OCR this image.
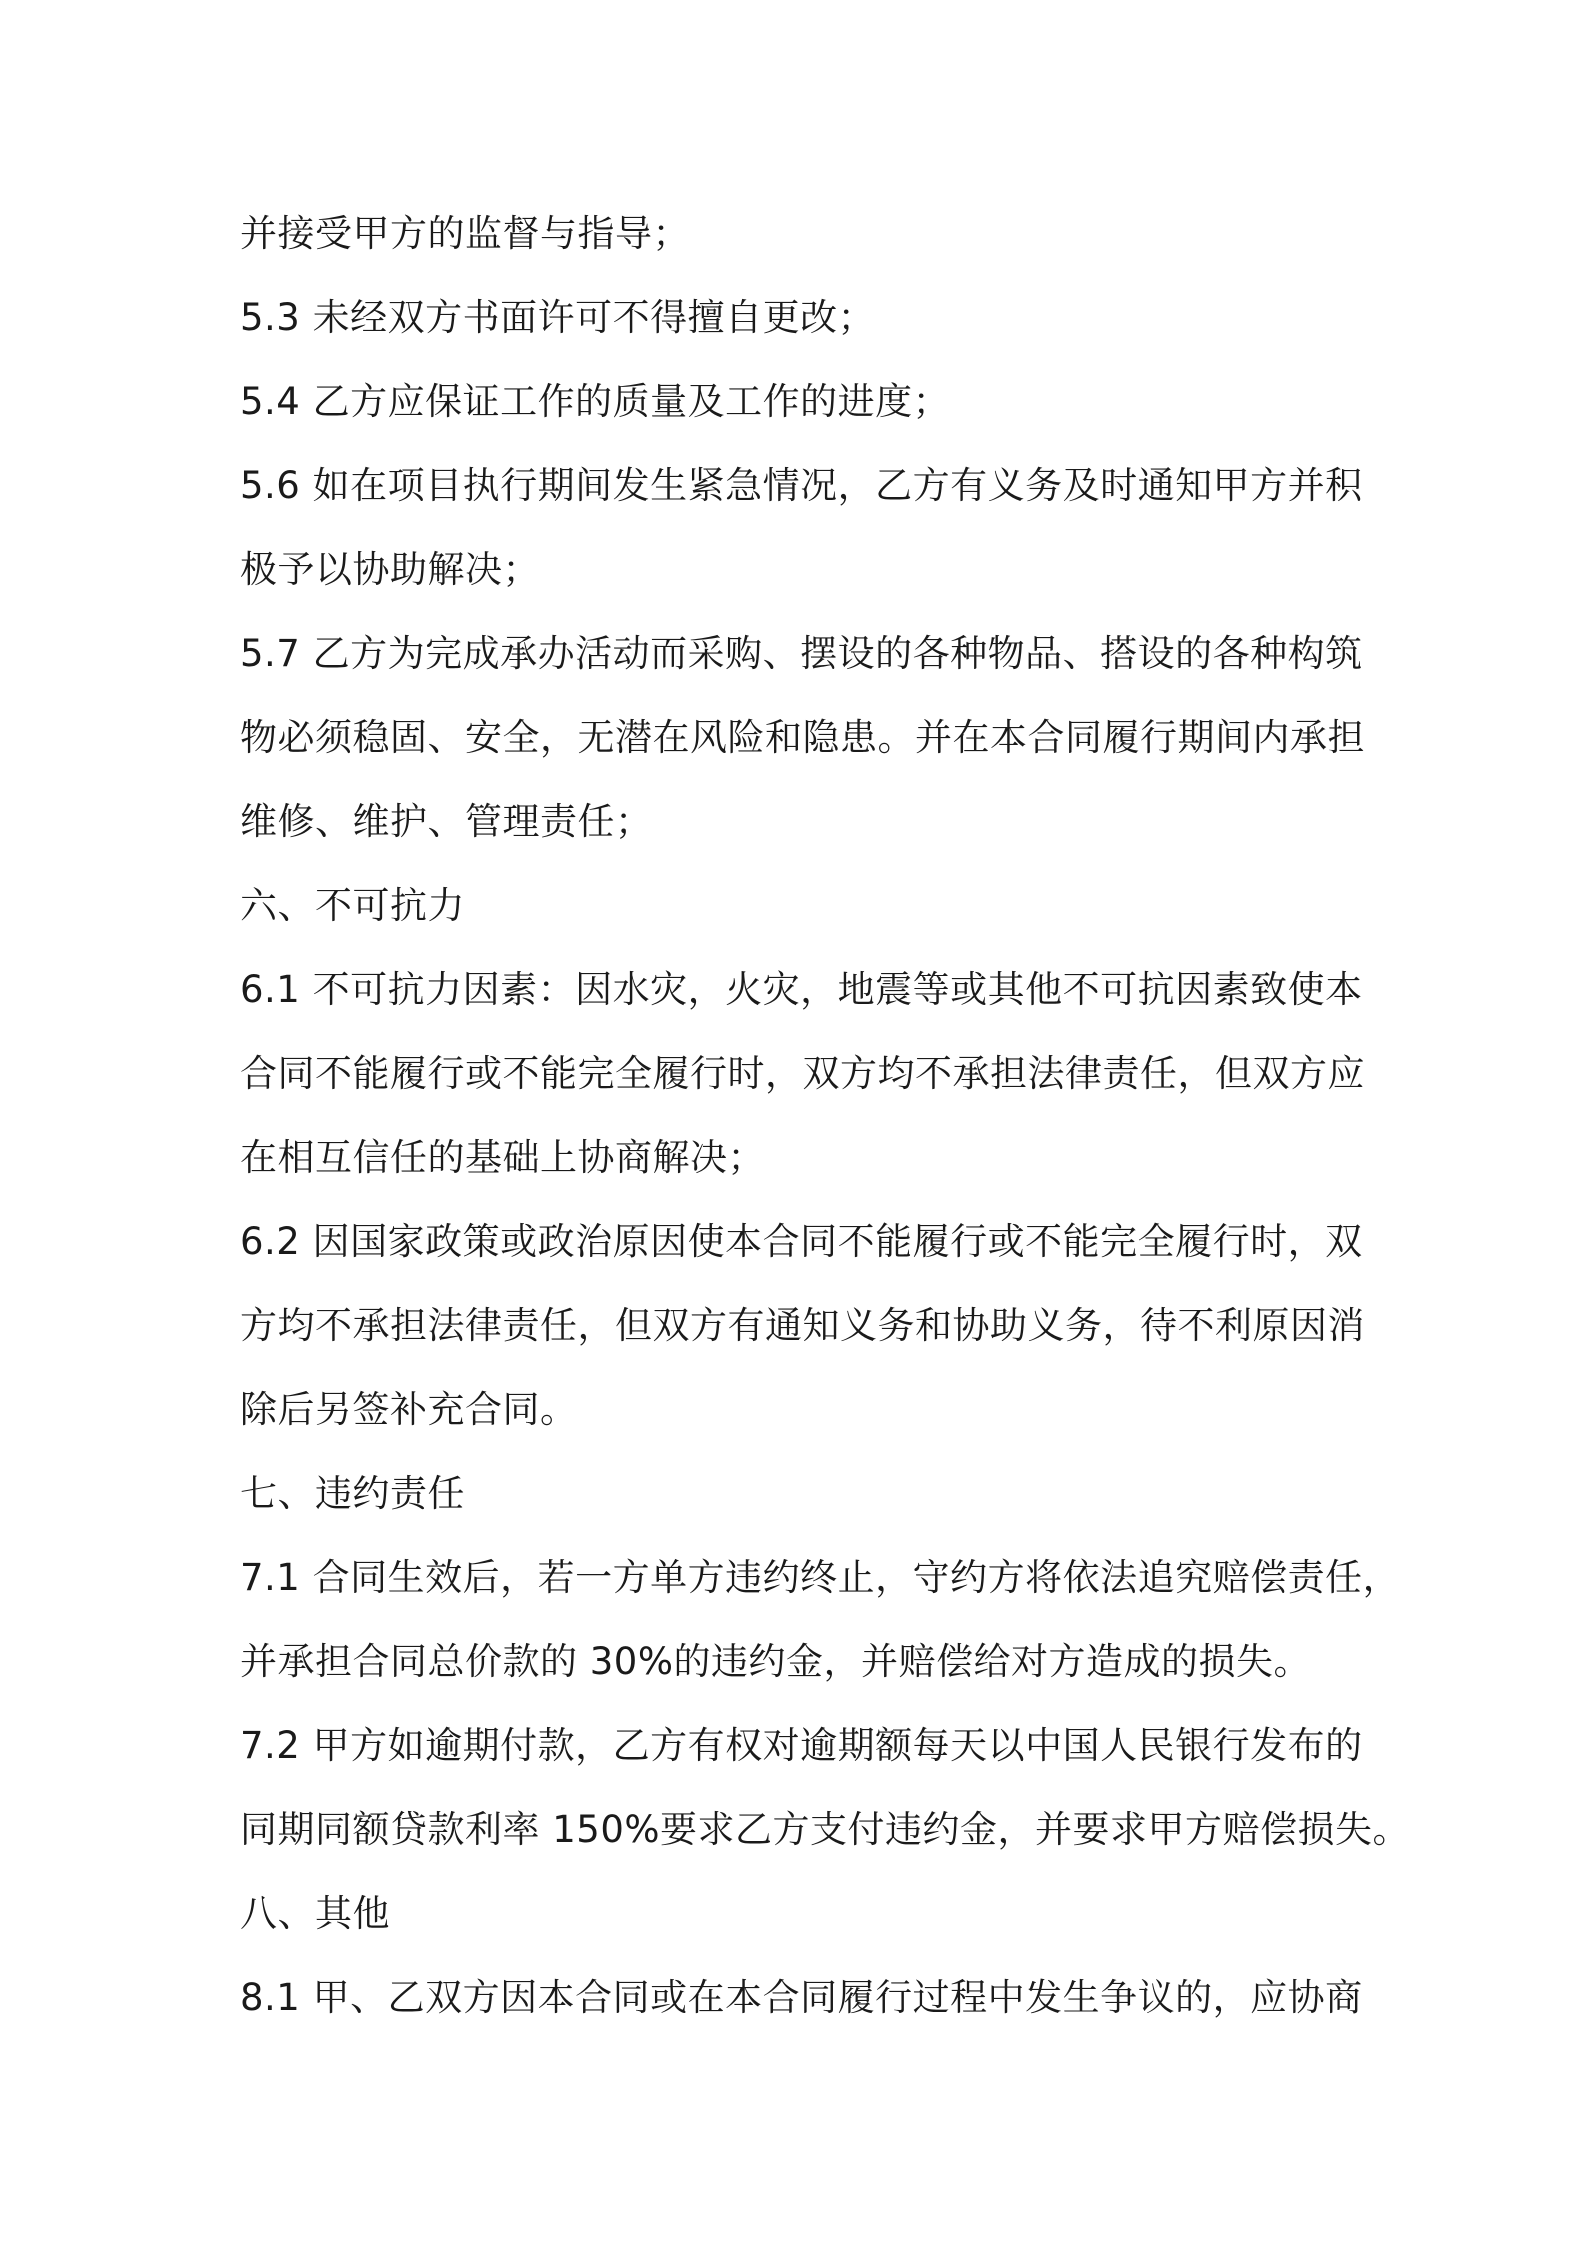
并接受甲方的监督与指导；
5.3 未经双方书面许可不得擅自更改；
5.4 乙方应保证工作的质量及工作的进度；
5.6 如在项目执行期间发生紧急情况，乙方有义务及时通知甲方并积
极予以协助解决；
5.7 乙方为完成承办活动而采购、摆设的各种物品、搭设的各种构筑
物必须稳固、安全，无潜在风险和隐患。并在本合同履行期间内承担
维修、维护、管理责任；
六、不可抗力
6.1 不可抗力因素：因水灾，火灾，地震等或其他不可抗因素致使本
合同不能履行或不能完全履行时，双方均不承担法律责任，但双方应
在相互信任的基础上协商解决；
6.2 因国家政策或政治原因使本合同不能履行或不能完全履行时，双
方均不承担法律责任，但双方有通知义务和协助义务，待不利原因消
除后另签补充合同。
七、违约责任
7.1 合同生效后，若一方单方违约终止，守约方将依法追究赔偿责任，
并承担合同总价款的 30%的违约金，并赔偿给对方造成的损失。
7.2 甲方如逾期付款，乙方有权对逾期额每天以中国人民银行发布的
同期同额贷款利率 150%要求乙方支付违约金，并要求甲方赔偿损失。
八、其他
8.1 甲、乙双方因本合同或在本合同履行过程中发生争议的，应协商
